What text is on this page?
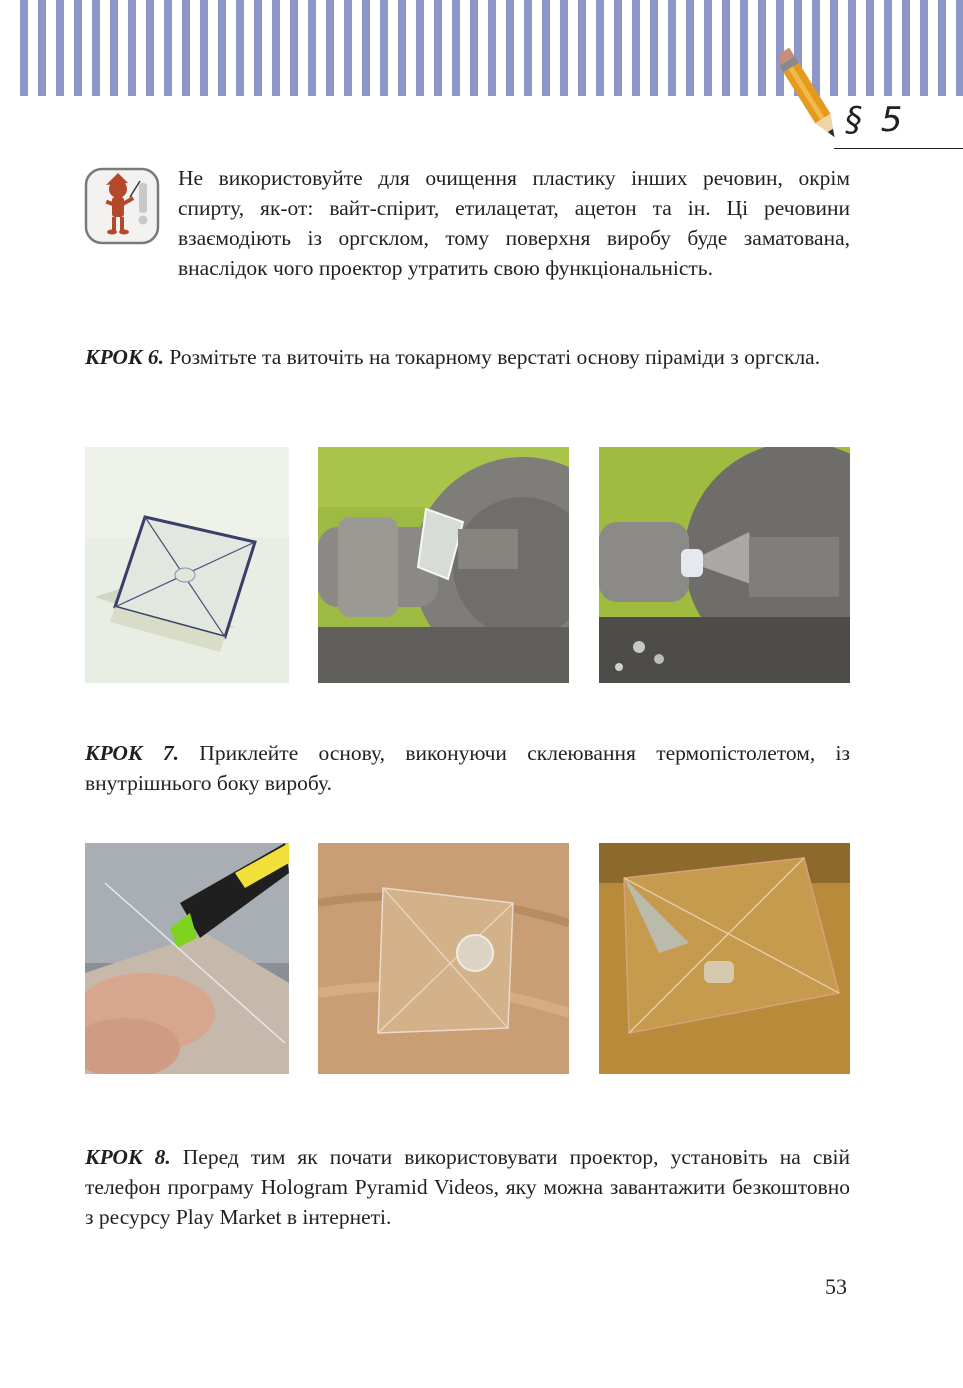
§ 5
Не використовуйте для очищення пластику інших речовин, окрім спирту, як-от: вайт-спірит, етилацетат, ацетон та ін. Ці речовини взаємодіють із оргсклом, тому поверхня виробу буде заматована, внаслідок чого проектор утратить свою функціональність.
КРОК 6. Розмітьте та виточіть на токарному верстаті основу піраміди з оргскла.
КРОК 7. Приклейте основу, виконуючи склеювання термопістолетом, із внутрішнього боку виробу.
КРОК 8. Перед тим як почати використовувати проектор, установіть на свій телефон програму Hologram Pyramid Videos, яку можна завантажити безкоштовно з ресурсу Play Market в інтернеті.
53
